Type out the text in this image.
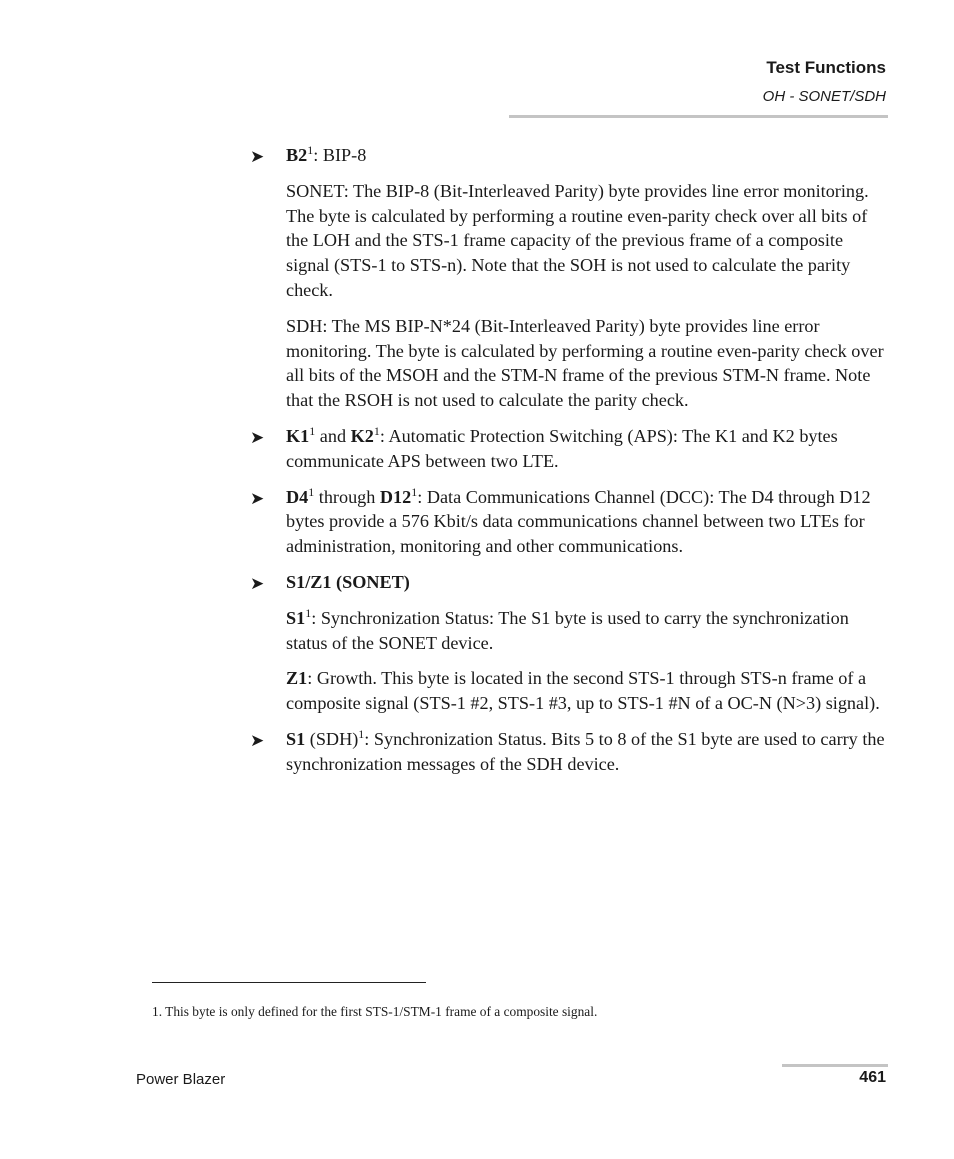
Test Functions
OH - SONET/SDH
➤ $B2^1$: BIP-8
SONET: The BIP-8 (Bit-Interleaved Parity) byte provides line error monitoring. The byte is calculated by performing a routine even-parity check over all bits of the LOH and the STS-1 frame capacity of the previous frame of a composite signal (STS-1 to STS-n). Note that the SOH is not used to calculate the parity check.
SDH: The MS BIP-N*24 (Bit-Interleaved Parity) byte provides line error monitoring. The byte is calculated by performing a routine even-parity check over all bits of the MSOH and the STM-N frame of the previous STM-N frame. Note that the RSOH is not used to calculate the parity check.
➤ $K1^1$ and $K2^1$: Automatic Protection Switching (APS): The K1 and K2 bytes communicate APS between two LTE.
➤ $D4^1$ through $D12^1$: Data Communications Channel (DCC): The D4 through D12 bytes provide a 576 Kbit/s data communications channel between two LTEs for administration, monitoring and other communications.
➤ S1/Z1 (SONET)
$S1^1$: Synchronization Status: The S1 byte is used to carry the synchronization status of the SONET device.
Z1: Growth. This byte is located in the second STS-1 through STS-n frame of a composite signal (STS-1 #2, STS-1 #3, up to STS-1 #N of a OC-N (N>3) signal).
➤ S1 (SDH)$^1$: Synchronization Status. Bits 5 to 8 of the S1 byte are used to carry the synchronization messages of the SDH device.
1. This byte is only defined for the first STS-1/STM-1 frame of a composite signal.
Power Blazer	461
